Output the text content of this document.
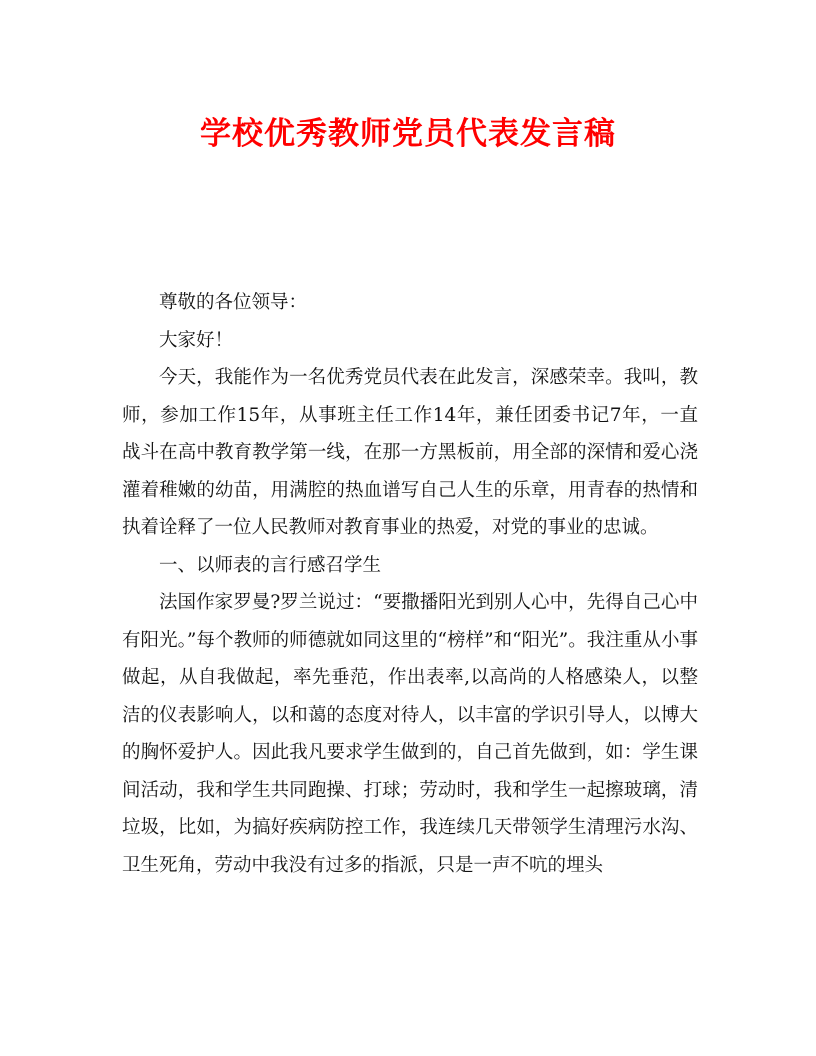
学校优秀教师党员代表发言稿

尊敬的各位领导：

大家好！

今天，我能作为一名优秀党员代表在此发言，深感荣幸。我叫，教师，参加工作15年，从事班主任工作14年，兼任团委书记7年，一直战斗在高中教育教学第一线，在那一方黑板前，用全部的深情和爱心浇灌着稚嫩的幼苗，用满腔的热血谱写自己人生的乐章，用青春的热情和执着诠释了一位人民教师对教育事业的热爱，对党的事业的忠诚。

一、以师表的言行感召学生

法国作家罗曼?罗兰说过：“要撒播阳光到别人心中，先得自己心中有阳光。”每个教师的师德就如同这里的“榜样”和“阳光”。我注重从小事做起，从自我做起，率先垂范，作出表率,以高尚的人格感染人，以整洁的仪表影响人，以和蔼的态度对待人，以丰富的学识引导人，以博大的胸怀爱护人。因此我凡要求学生做到的，自己首先做到，如：学生课间活动，我和学生共同跑操、打球；劳动时，我和学生一起擦玻璃，清垃圾，比如，为搞好疾病防控工作，我连续几天带领学生清理污水沟、卫生死角，劳动中我没有过多的指派，只是一声不吭的埋头
